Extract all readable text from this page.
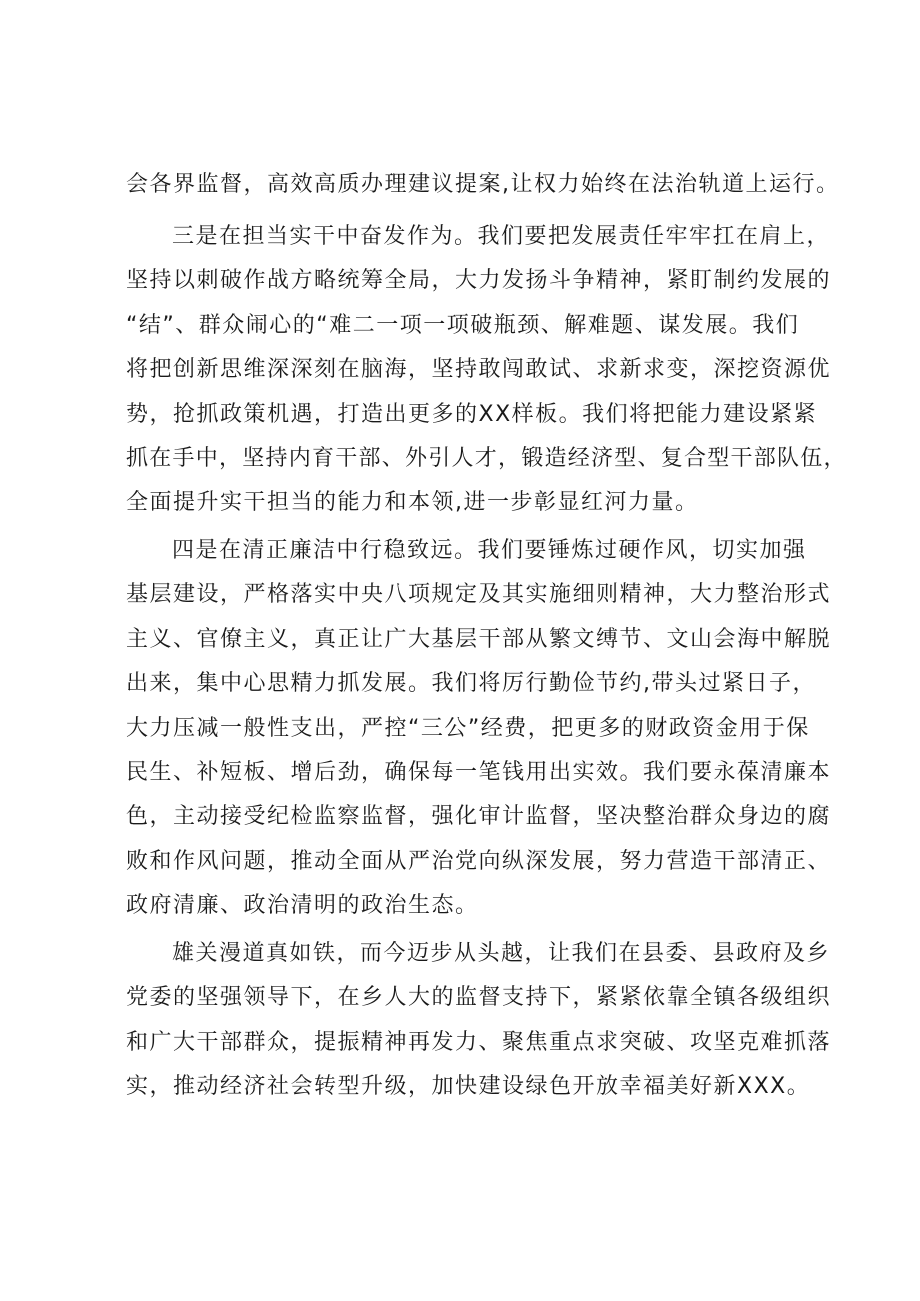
会各界监督，高效高质办理建议提案,让权力始终在法治轨道上运行。
三是在担当实干中奋发作为。我们要把发展责任牢牢扛在肩上，
坚持以刺破作战方略统筹全局，大力发扬斗争精神，紧盯制约发展的
“结”、群众闹心的“难二一项一项破瓶颈、解难题、谋发展。我们
将把创新思维深深刻在脑海，坚持敢闯敢试、求新求变，深挖资源优
势，抢抓政策机遇，打造出更多的XX样板。我们将把能力建设紧紧
抓在手中，坚持内育干部、外引人才，锻造经济型、复合型干部队伍，
全面提升实干担当的能力和本领,进一步彰显红河力量。
四是在清正廉洁中行稳致远。我们要锤炼过硬作风，切实加强
基层建设，严格落实中央八项规定及其实施细则精神，大力整治形式
主义、官僚主义，真正让广大基层干部从繁文缚节、文山会海中解脱
出来，集中心思精力抓发展。我们将厉行勤俭节约,带头过紧日子，
大力压减一般性支出，严控“三公”经费，把更多的财政资金用于保
民生、补短板、增后劲，确保每一笔钱用出实效。我们要永葆清廉本
色，主动接受纪检监察监督，强化审计监督，坚决整治群众身边的腐
败和作风问题，推动全面从严治党向纵深发展，努力营造干部清正、
政府清廉、政治清明的政治生态。
雄关漫道真如铁，而今迈步从头越，让我们在县委、县政府及乡
党委的坚强领导下，在乡人大的监督支持下，紧紧依靠全镇各级组织
和广大干部群众，提振精神再发力、聚焦重点求突破、攻坚克难抓落
实，推动经济社会转型升级，加快建设绿色开放幸福美好新XXX。
